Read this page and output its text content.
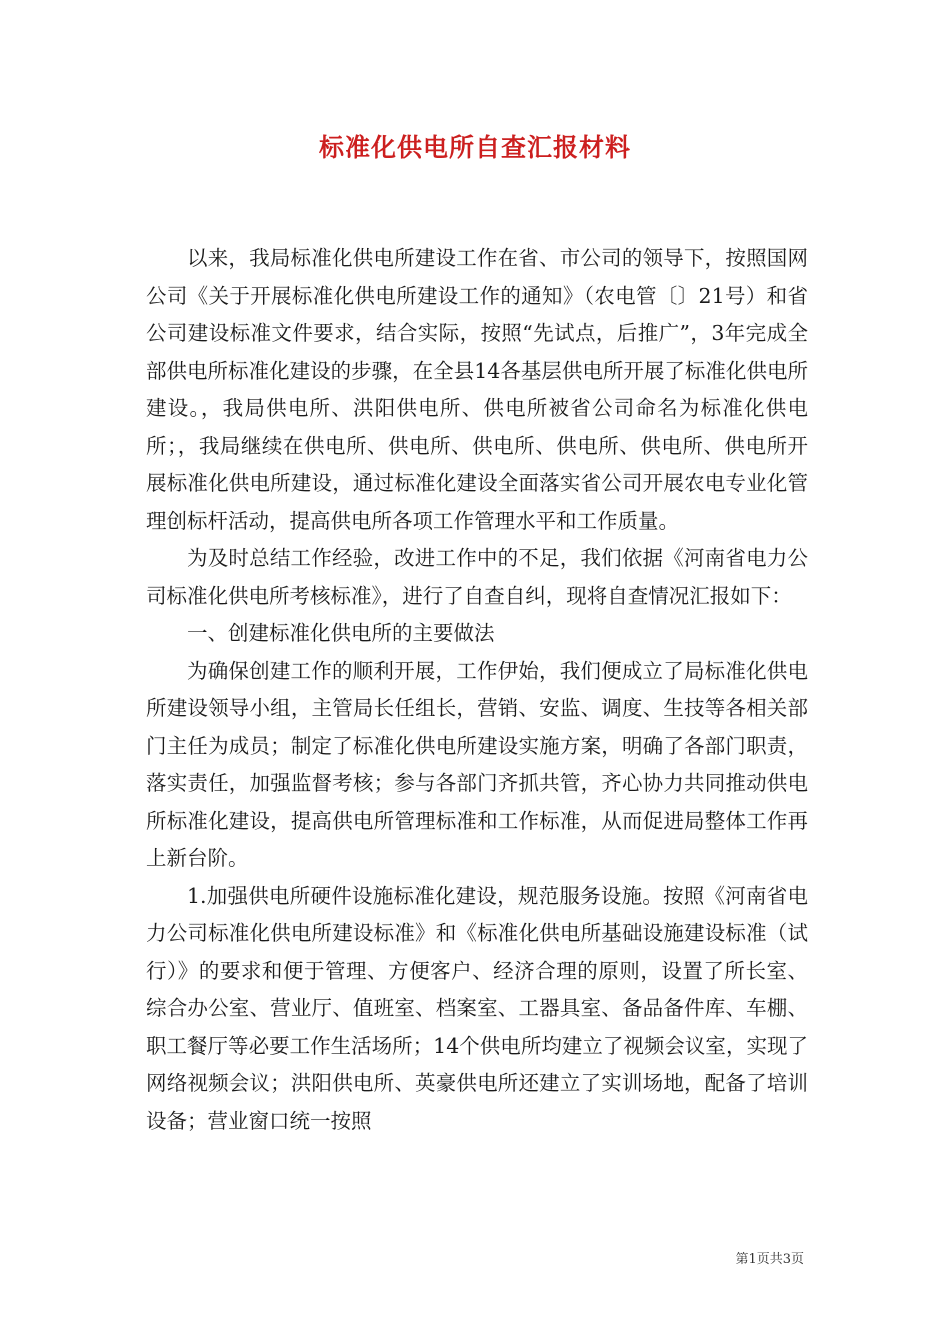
标准化供电所自查汇报材料

以来，我局标准化供电所建设工作在省、市公司的领导下，按照国网公司《关于开展标准化供电所建设工作的通知》（农电管〔〕21号）和省公司建设标准文件要求，结合实际，按照“先试点，后推广”，3年完成全部供电所标准化建设的步骤，在全县14各基层供电所开展了标准化供电所建设。，我局供电所、洪阳供电所、供电所被省公司命名为标准化供电所；，我局继续在供电所、供电所、供电所、供电所、供电所、供电所开展标准化供电所建设，通过标准化建设全面落实省公司开展农电专业化管理创标杆活动，提高供电所各项工作管理水平和工作质量。

为及时总结工作经验，改进工作中的不足，我们依据《河南省电力公司标准化供电所考核标准》，进行了自查自纠，现将自查情况汇报如下：

一、创建标准化供电所的主要做法

为确保创建工作的顺利开展，工作伊始，我们便成立了局标准化供电所建设领导小组，主管局长任组长，营销、安监、调度、生技等各相关部门主任为成员；制定了标准化供电所建设实施方案，明确了各部门职责，落实责任，加强监督考核；参与各部门齐抓共管，齐心协力共同推动供电所标准化建设，提高供电所管理标准和工作标准，从而促进局整体工作再上新台阶。

1.加强供电所硬件设施标准化建设，规范服务设施。按照《河南省电力公司标准化供电所建设标准》和《标准化供电所基础设施建设标准（试行）》的要求和便于管理、方便客户、经济合理的原则，设置了所长室、综合办公室、营业厅、值班室、档案室、工器具室、备品备件库、车棚、职工餐厅等必要工作生活场所；14个供电所均建立了视频会议室，实现了网络视频会议；洪阳供电所、英豪供电所还建立了实训场地，配备了培训设备；营业窗口统一按照

第1页共3页
